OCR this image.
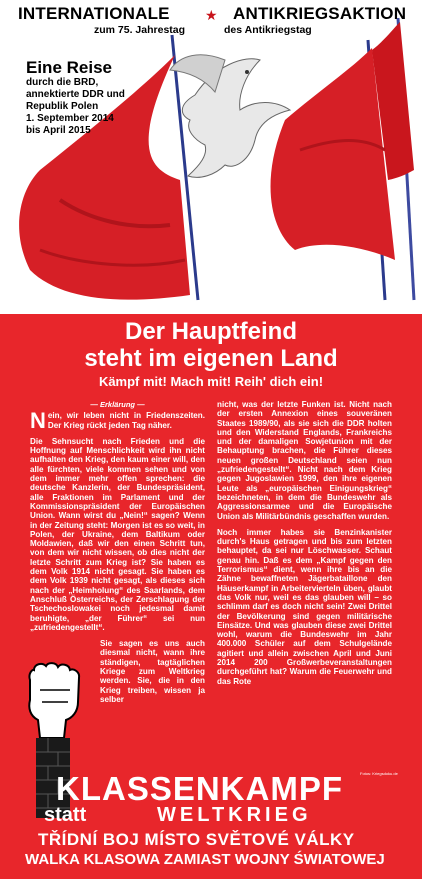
INTERNATIONALE	ANTIKRIEGSAKTION
★
zum 75. Jahrestag	des Antikriegstag
Eine Reise
durch die BRD,
annektierte DDR und
Republik Polen
1. September 2014
bis April 2015
Der Hauptfeind
steht im eigenen Land
Kämpf mit! Mach mit! Reih' dich ein!
— Erklärung —

Nein, wir leben nicht in Friedenszeiten. Der Krieg rückt jeden Tag näher.

Die Sehnsucht nach Frieden und die Hoffnung auf Menschlichkeit wird ihn nicht aufhalten den Krieg, den kaum einer will, den alle fürchten, viele kommen sehen und von dem immer mehr offen sprechen: die deutsche Kanzlerin, der Bundespräsident, alle Fraktionen im Parlament und der Kommissionspräsident der Europäischen Union. Wann wirst du „Nein!“ sagen? Wenn in der Zeitung steht: Morgen ist es so weit, in Polen, der Ukraine, dem Baltikum oder Moldawien, daß wir den einen Schritt tun, von dem wir nicht wissen, ob dies nicht der letzte Schritt zum Krieg ist? Sie haben es dem Volk 1914 nicht gesagt. Sie haben es dem Volk 1939 nicht gesagt, als dieses sich nach der „Heimholung“ des Saarlands, dem Anschluß Österreichs, der Zerschlagung der Tschechoslowakei noch jedesmal damit beruhigte, „der Führer“ sei nun „zufriedengestellt“.

Sie sagen es uns auch diesmal nicht, wann ihre ständigen, tagtäglichen Kriege zum Weltkrieg werden. Sie, die in den Krieg treiben, wissen ja selber

nicht, was der letzte Funken ist. Nicht nach der ersten Annexion eines souveränen Staates 1989/90, als sie sich die DDR holten und den Widerstand Englands, Frankreichs und der damaligen Sowjetunion mit der Behauptung brachen, die Führer dieses neuen großen Deutschland seien nun „zufriedengestellt“. Nicht nach dem Krieg gegen Jugoslawien 1999, den ihre eigenen Leute als „europäischen Einigungskrieg“ bezeichneten, in dem die Bundeswehr als Aggressionsarmee und die Europäische Union als Militärbündnis geschaffen wurden.

Noch immer habes sie Benzinkanister durch's Haus getragen und bis zum letzten behauptet, da sei nur Löschwasser. Schaut genau hin. Daß es dem „Kampf gegen den Terrorismus“ dient, wenn ihre bis an die Zähne bewaffneten Jägerbataillone den Häuserkampf in Arbeitervierteln üben, glaubt das Volk nur, weil es das glauben will – so schlimm darf es doch nicht sein! Zwei Drittel der Bevölkerung sind gegen militärische Einsätze. Und was glauben diese zwei Drittel wohl, warum die Bundeswehr im Jahr 400.000 Schüler auf dem Schulgelände agitiert und allein zwischen April und Juni 2014 200 Großwerbeveranstaltungen durchgeführt hat? Warum die Feuerwehr und das Rote

Fotos: Kriegsdoku.de
KLASSENKAMPF
statt	WELTKRIEG
TŘÍDNÍ BOJ MÍSTO SVĚTOVÉ VÁLKY
WALKA KLASOWA ZAMIAST WOJNY ŚWIATOWEJ
